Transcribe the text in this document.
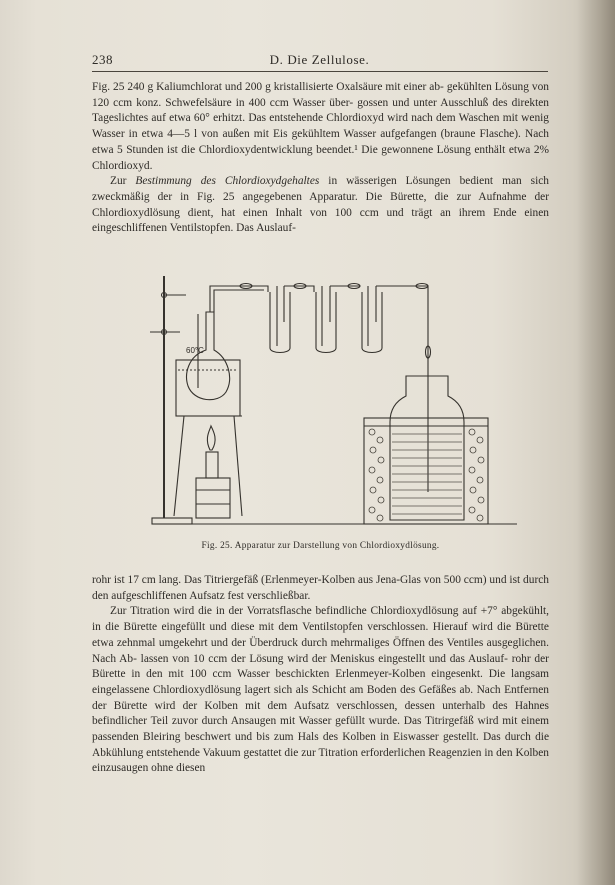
D. Die Zellulose.
238

Fig. 25 240 g Kaliumchlorat und 200 g kristallisierte Oxalsäure mit einer ab- gekühlten Lösung von 120 ccm konz. Schwefelsäure in 400 ccm Wasser über- gossen und unter Ausschluß des direkten Tageslichtes auf etwa 60° erhitzt. Das entstehende Chlordioxyd wird nach dem Waschen mit wenig Wasser in etwa 4—5 l von außen mit Eis gekühltem Wasser aufgefangen (braune Flasche). Nach etwa 5 Stunden ist die Chlordioxydentwicklung beendet.¹ Die gewonnene Lösung enthält etwa 2% Chlordioxyd.

Zur Bestimmung des Chlordioxydgehaltes in wässerigen Lösungen bedient man sich zweckmäßig der in Fig. 25 angegebenen Apparatur. Die Bürette, die zur Aufnahme der Chlordioxydlösung dient, hat einen Inhalt von 100 ccm und trägt an ihrem Ende einen eingeschliffenen Ventilstopfen. Das Auslauf-

60°C
Fig. 25. Apparatur zur Darstellung von Chlordioxydlösung.

rohr ist 17 cm lang. Das Titriergefäß (Erlenmeyer-Kolben aus Jena-Glas von 500 ccm) und ist durch den aufgeschliffenen Aufsatz fest verschließbar.

Zur Titration wird die in der Vorratsflasche befindliche Chlordioxydlösung auf +7° abgekühlt, in die Bürette eingefüllt und diese mit dem Ventilstopfen verschlossen. Hierauf wird die Bürette etwa zehnmal umgekehrt und der Überdruck durch mehrmaliges Öffnen des Ventiles ausgeglichen. Nach Ab- lassen von 10 ccm der Lösung wird der Meniskus eingestellt und das Auslauf- rohr der Bürette in den mit 100 ccm Wasser beschickten Erlenmeyer-Kolben eingesenkt. Die langsam eingelassene Chlordioxydlösung lagert sich als Schicht am Boden des Gefäßes ab. Nach Entfernen der Bürette wird der Kolben mit dem Aufsatz verschlossen, dessen unterhalb des Hahnes befindlicher Teil zuvor durch Ansaugen mit Wasser gefüllt wurde. Das Titrirgefäß wird mit einem passenden Bleiring beschwert und bis zum Hals des Kolben in Eiswasser gestellt. Das durch die Abkühlung entstehende Vakuum gestattet die zur Titration erforderlichen Reagenzien in den Kolben einzusaugen ohne diesen
